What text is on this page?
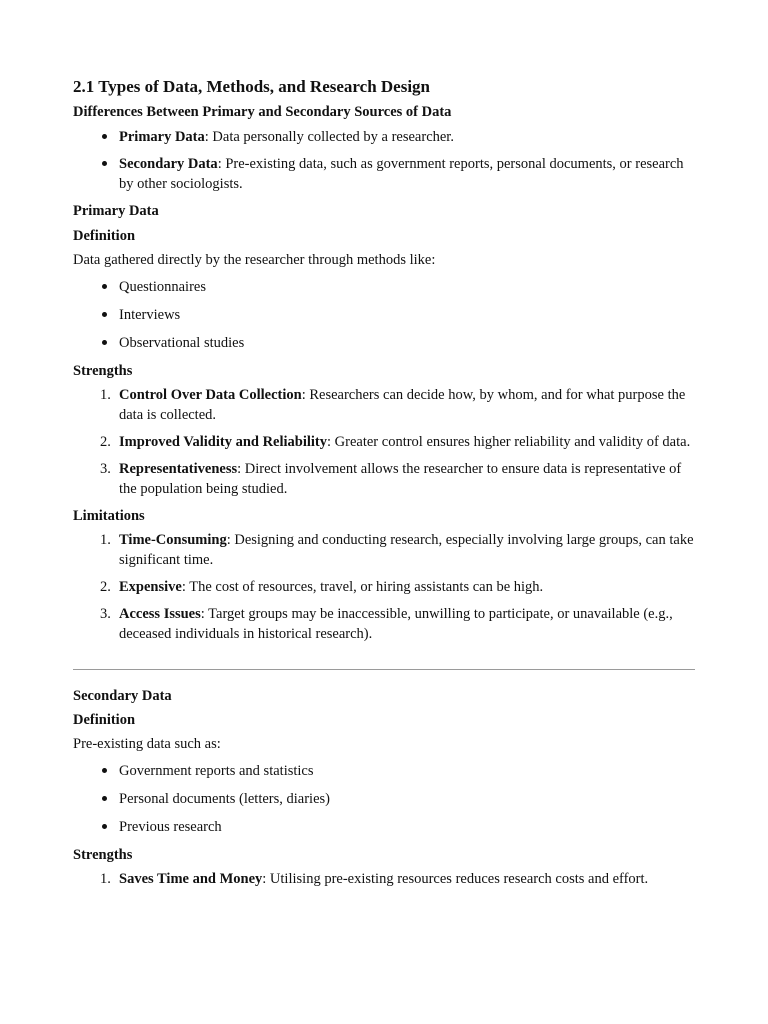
2.1 Types of Data, Methods, and Research Design
Differences Between Primary and Secondary Sources of Data
Primary Data: Data personally collected by a researcher.
Secondary Data: Pre-existing data, such as government reports, personal documents, or research by other sociologists.
Primary Data
Definition

Data gathered directly by the researcher through methods like:

Questionnaires
Interviews
Observational studies
Strengths
1. Control Over Data Collection: Researchers can decide how, by whom, and for what purpose the data is collected.
2. Improved Validity and Reliability: Greater control ensures higher reliability and validity of data.
3. Representativeness: Direct involvement allows the researcher to ensure data is representative of the population being studied.
Limitations
1. Time-Consuming: Designing and conducting research, especially involving large groups, can take significant time.
2. Expensive: The cost of resources, travel, or hiring assistants can be high.
3. Access Issues: Target groups may be inaccessible, unwilling to participate, or unavailable (e.g., deceased individuals in historical research).
Secondary Data
Definition

Pre-existing data such as:

Government reports and statistics
Personal documents (letters, diaries)
Previous research
Strengths
1. Saves Time and Money: Utilising pre-existing resources reduces research costs and effort.
